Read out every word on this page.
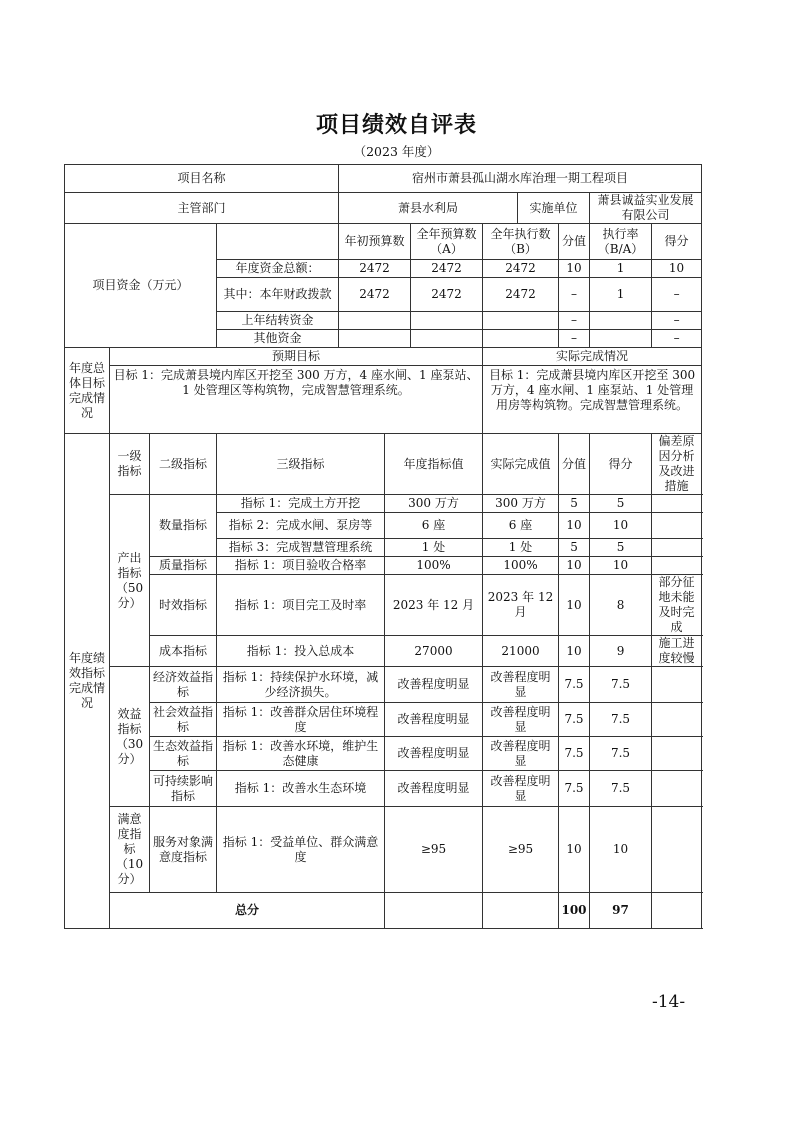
项目绩效自评表
（2023 年度）
项目名称				宿州市萧县孤山湖水库治理一期工程项目							
主管部门				萧县水利局				实施单位		萧县诚益实业发展有限公司	
项目资金（万元）				年初预算数		全年预算数（A）	全年执行数（B）		分值	执行率（B/A）	得分
			年度资金总额：	2472		2472	2472		10	1	10
			其中：本年财政拨款	2472		2472	2472		–	1	–
			上年结转资金						–		–
			其他资金						–		–
年度总体目标完成情况	预期目标						实际完成情况				
	目标 1：完成萧县境内库区开挖至 300 万方，4 座水闸、1 座泵站、1 处管理区等构筑物，完成智慧管理系统。						目标 1：完成萧县境内库区开挖至 300 万方，4 座水闸、1 座泵站、1 处管理用房等构筑物。完成智慧管理系统。				
年度绩效指标完成情况	一级指标	二级指标	三级指标		年度指标值		实际完成值		分值	得分	偏差原因分析及改进措施
	产出指标（50分）	数量指标	指标 1：完成土方开挖		300 万方		300 万方		5	5	
			指标 2：完成水闸、泵房等		6 座		6 座		10	10	
			指标 3：完成智慧管理系统		1 处		1 处		5	5	
		质量指标	指标 1：项目验收合格率		100%		100%		10	10	
		时效指标	指标 1：项目完工及时率		2023 年 12 月		2023 年 12 月		10	8	部分征地未能及时完成
		成本指标	指标 1：投入总成本		27000		21000		10	9	施工进度较慢
	效益指标（30分）	经济效益指标	指标 1：持续保护水环境，减少经济损失。		改善程度明显		改善程度明显		7.5	7.5	
		社会效益指标	指标 1：改善群众居住环境程度		改善程度明显		改善程度明显		7.5	7.5	
		生态效益指标	指标 1：改善水环境，维护生态健康		改善程度明显		改善程度明显		7.5	7.5	
		可持续影响指标	指标 1：改善水生态环境		改善程度明显		改善程度明显		7.5	7.5	
	满意度指标（10分）	服务对象满意度指标	指标 1：受益单位、群众满意度		≥95		≥95		10	10	
	总分								100	97	
-14-
